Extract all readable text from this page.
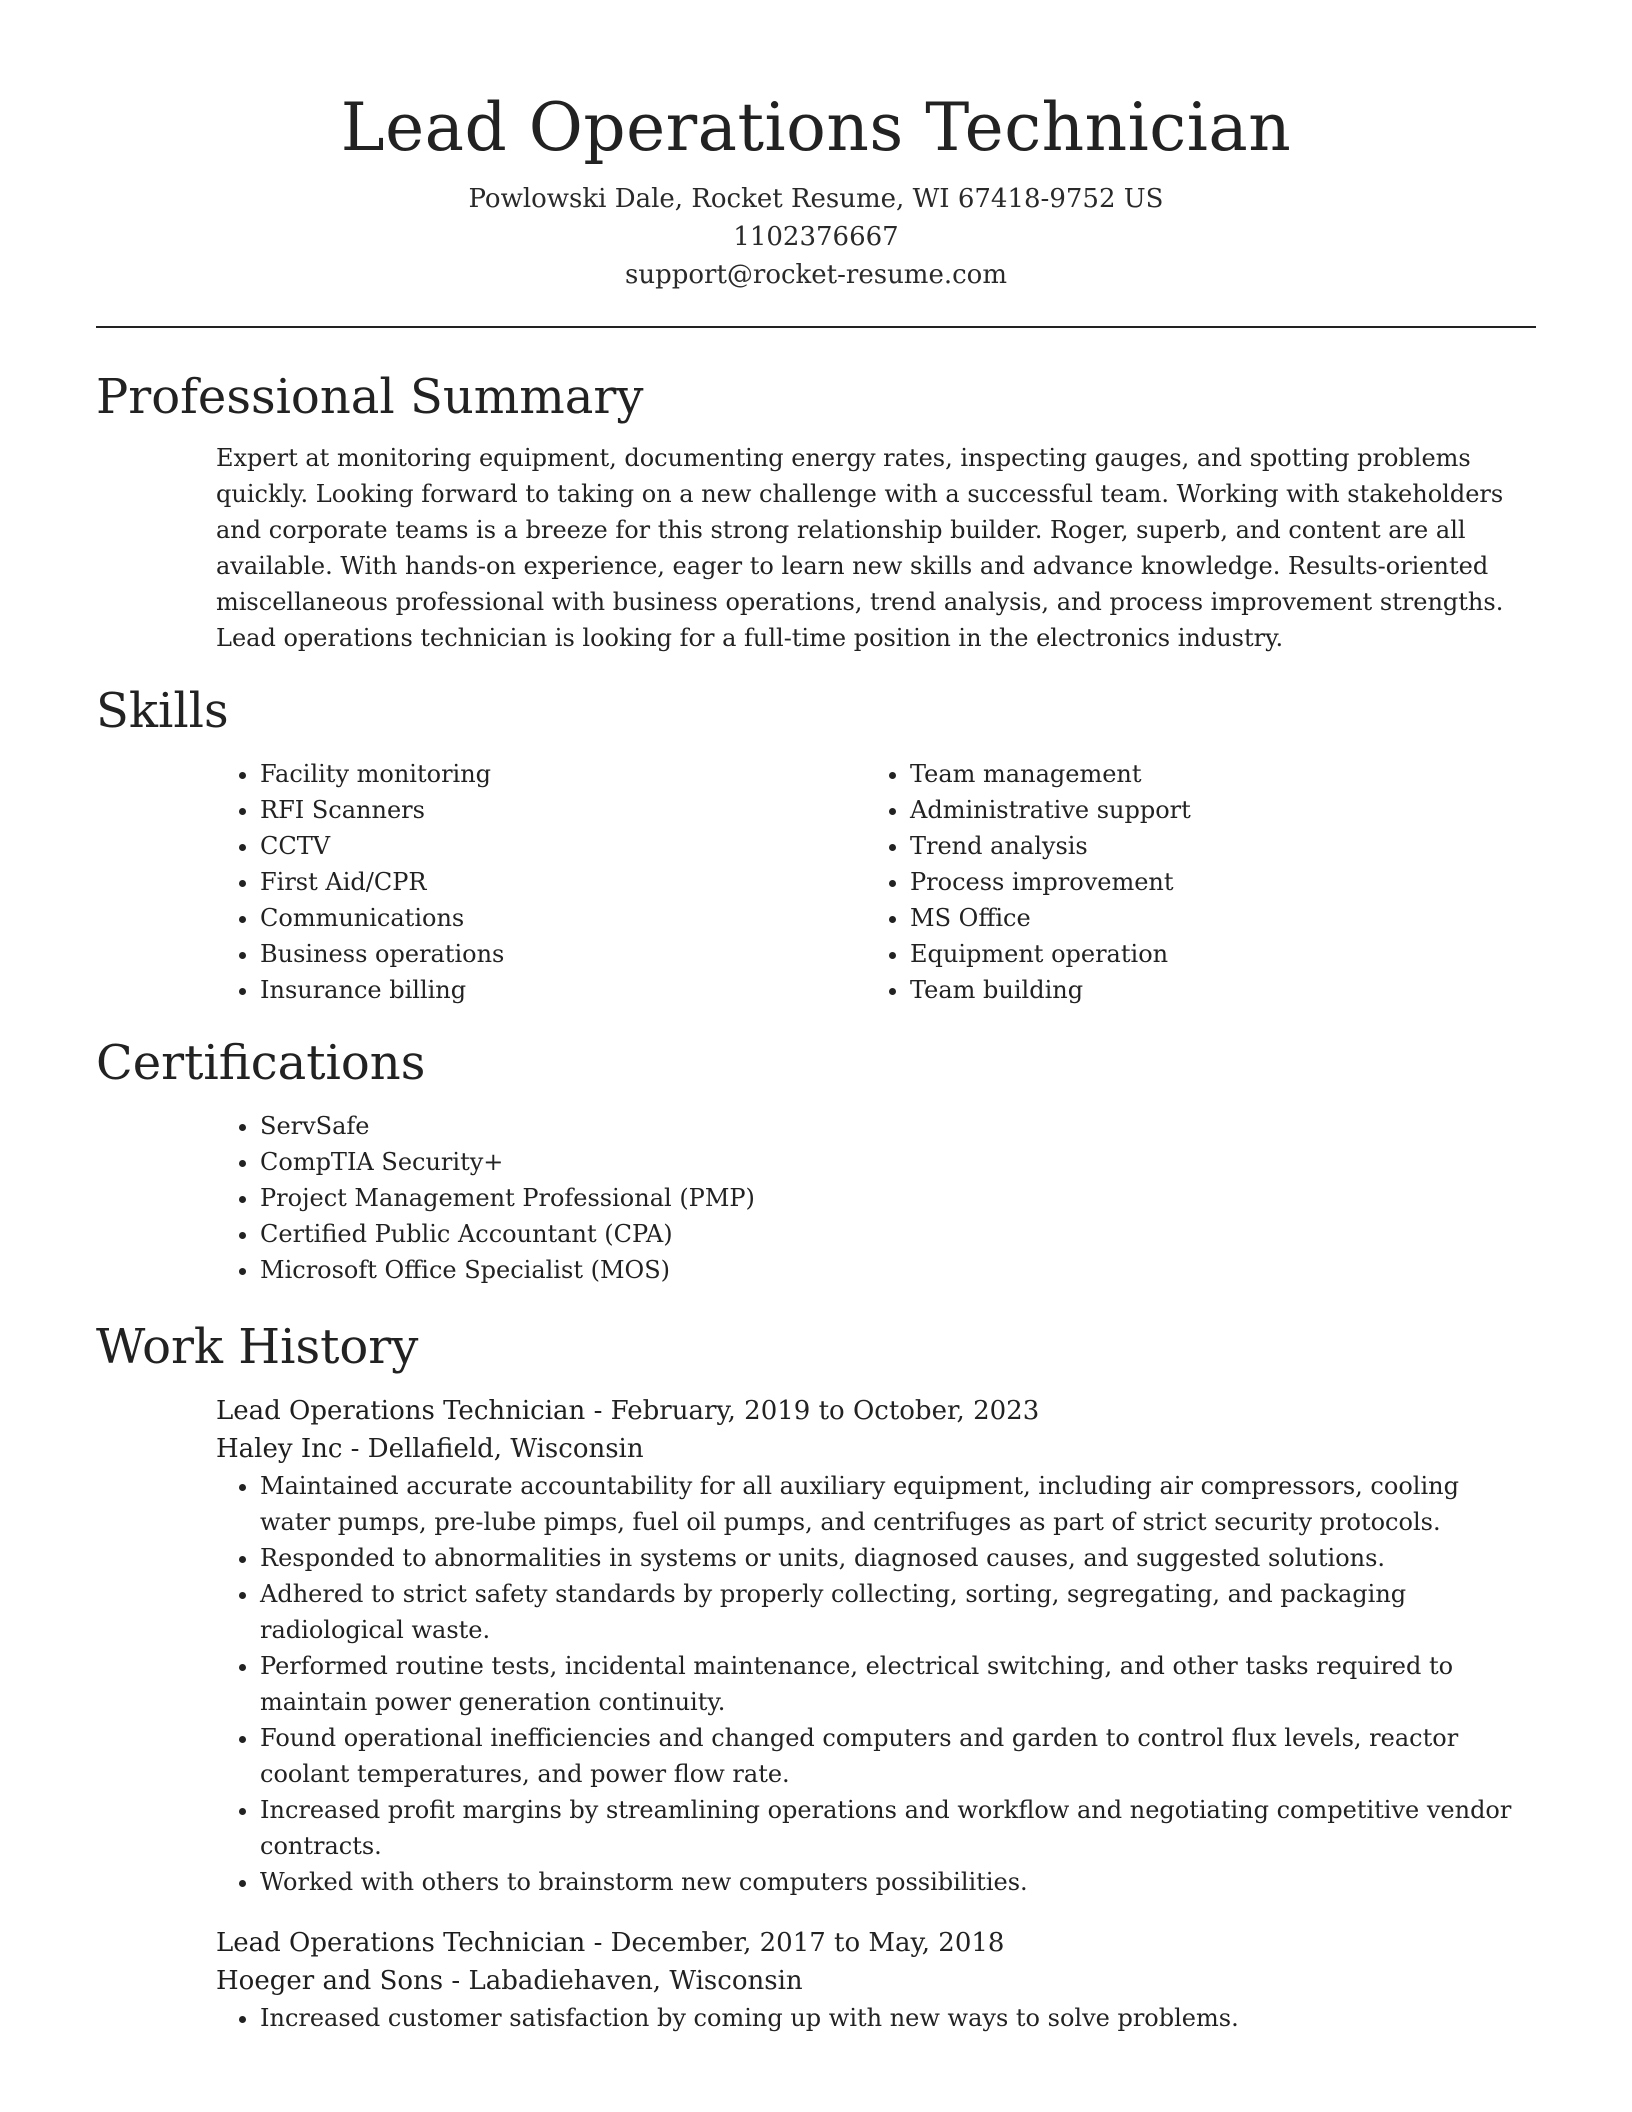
Lead Operations Technician
Powlowski Dale, Rocket Resume, WI 67418-9752 US
1102376667
support@rocket-resume.com
Professional Summary

Expert at monitoring equipment, documenting energy rates, inspecting gauges, and spotting problems quickly. Looking forward to taking on a new challenge with a successful team. Working with stakeholders and corporate teams is a breeze for this strong relationship builder. Roger, superb, and content are all available. With hands-on experience, eager to learn new skills and advance knowledge. Results-oriented miscellaneous professional with business operations, trend analysis, and process improvement strengths. Lead operations technician is looking for a full-time position in the electronics industry.

Skills
• Facility monitoring
• RFI Scanners
• CCTV
• First Aid/CPR
• Communications
• Business operations
• Insurance billing
• Team management
• Administrative support
• Trend analysis
• Process improvement
• MS Office
• Equipment operation
• Team building
Certifications
• ServSafe
• CompTIA Security+
• Project Management Professional (PMP)
• Certified Public Accountant (CPA)
• Microsoft Office Specialist (MOS)
Work History
Lead Operations Technician - February, 2019 to October, 2023
Haley Inc - Dellafield, Wisconsin
• Maintained accurate accountability for all auxiliary equipment, including air compressors, cooling water pumps, pre-lube pimps, fuel oil pumps, and centrifuges as part of strict security protocols.
• Responded to abnormalities in systems or units, diagnosed causes, and suggested solutions.
• Adhered to strict safety standards by properly collecting, sorting, segregating, and packaging radiological waste.
• Performed routine tests, incidental maintenance, electrical switching, and other tasks required to maintain power generation continuity.
• Found operational inefficiencies and changed computers and garden to control flux levels, reactor coolant temperatures, and power flow rate.
• Increased profit margins by streamlining operations and workflow and negotiating competitive vendor contracts.
• Worked with others to brainstorm new computers possibilities.
Lead Operations Technician - December, 2017 to May, 2018
Hoeger and Sons - Labadiehaven, Wisconsin
• Increased customer satisfaction by coming up with new ways to solve problems.
